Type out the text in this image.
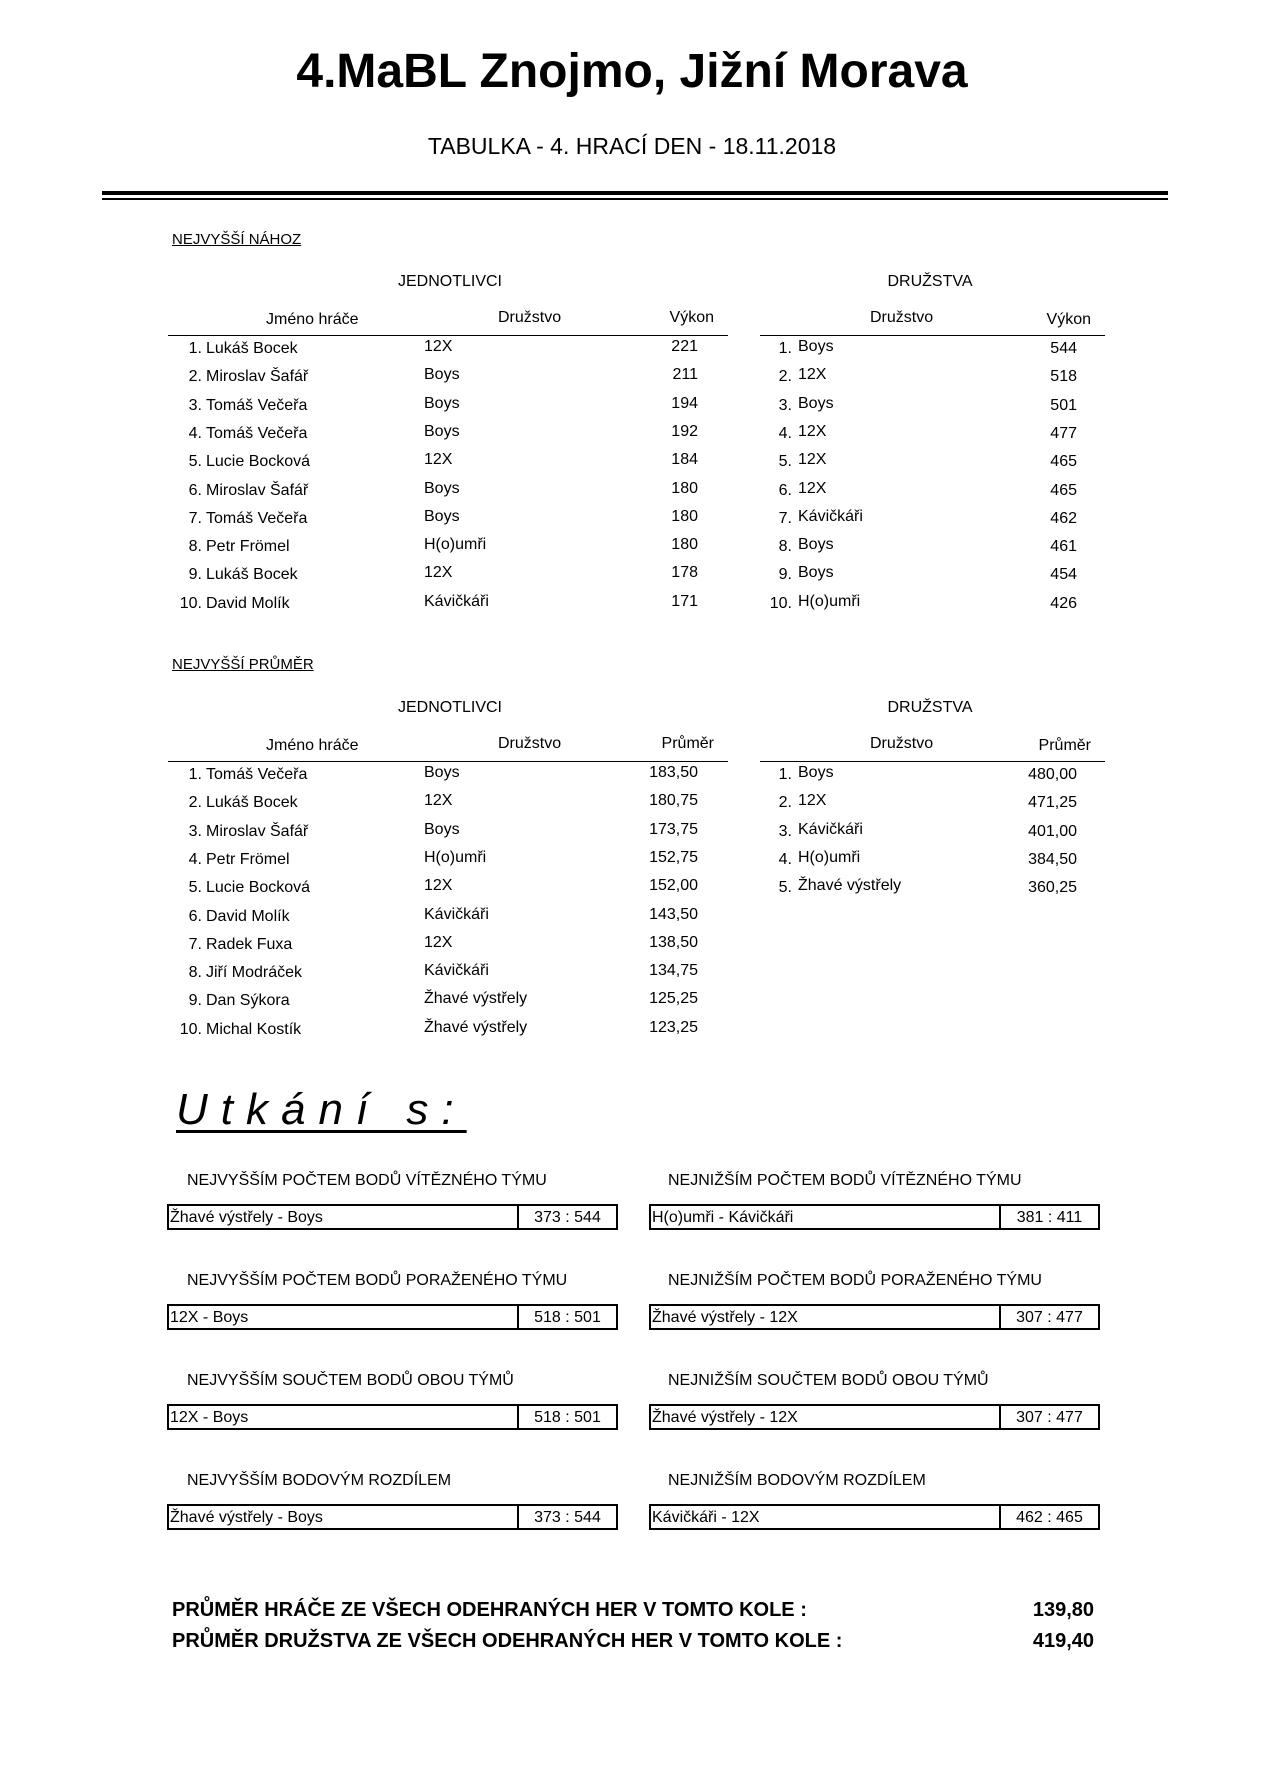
4.MaBL Znojmo, Jižní Morava
TABULKA - 4. HRACÍ DEN - 18.11.2018
NEJVYŠŠÍ NÁHOZ
JEDNOTLIVCI	DRUŽSTVA
Jméno hráče	Družstvo	Výkon
1. Lukáš Bocek	12X	221
2. Miroslav Šafář	Boys	211
3. Tomáš Večeřa	Boys	194
4. Tomáš Večeřa	Boys	192
5. Lucie Bocková	12X	184
6. Miroslav Šafář	Boys	180
7. Tomáš Večeřa	Boys	180
8. Petr Frömel	H(o)umři	180
9. Lukáš Bocek	12X	178
10. David Molík	Kávičkáři	171
Družstvo	Výkon
1. Boys	544
2. 12X	518
3. Boys	501
4. 12X	477
5. 12X	465
6. 12X	465
7. Kávičkáři	462
8. Boys	461
9. Boys	454
10. H(o)umři	426
NEJVYŠŠÍ PRŮMĚR
JEDNOTLIVCI	DRUŽSTVA
Jméno hráče	Družstvo	Průměr
1. Tomáš Večeřa	Boys	183,50
2. Lukáš Bocek	12X	180,75
3. Miroslav Šafář	Boys	173,75
4. Petr Frömel	H(o)umři	152,75
5. Lucie Bocková	12X	152,00
6. David Molík	Kávičkáři	143,50
7. Radek Fuxa	12X	138,50
8. Jiří Modráček	Kávičkáři	134,75
9. Dan Sýkora	Žhavé výstřely	125,25
10. Michal Kostík	Žhavé výstřely	123,25
Družstvo	Průměr
1. Boys	480,00
2. 12X	471,25
3. Kávičkáři	401,00
4. H(o)umři	384,50
5. Žhavé výstřely	360,25
Utkání s:
NEJVYŠŠÍM POČTEM BODŮ VÍTĚZNÉHO TÝMU
Žhavé výstřely - Boys	373 : 544
NEJNIŽŠÍM POČTEM BODŮ VÍTĚZNÉHO TÝMU
H(o)umři - Kávičkáři	381 : 411
NEJVYŠŠÍM POČTEM BODŮ PORAŽENÉHO TÝMU
12X - Boys	518 : 501
NEJNIŽŠÍM POČTEM BODŮ PORAŽENÉHO TÝMU
Žhavé výstřely - 12X	307 : 477
NEJVYŠŠÍM SOUČTEM BODŮ OBOU TÝMŮ
12X - Boys	518 : 501
NEJNIŽŠÍM SOUČTEM BODŮ OBOU TÝMŮ
Žhavé výstřely - 12X	307 : 477
NEJVYŠŠÍM BODOVÝM ROZDÍLEM
Žhavé výstřely - Boys	373 : 544
NEJNIŽŠÍM BODOVÝM ROZDÍLEM
Kávičkáři - 12X	462 : 465
PRŮMĚR HRÁČE ZE VŠECH ODEHRANÝCH HER V TOMTO KOLE :	139,80
PRŮMĚR DRUŽSTVA ZE VŠECH ODEHRANÝCH HER V TOMTO KOLE :	419,40
